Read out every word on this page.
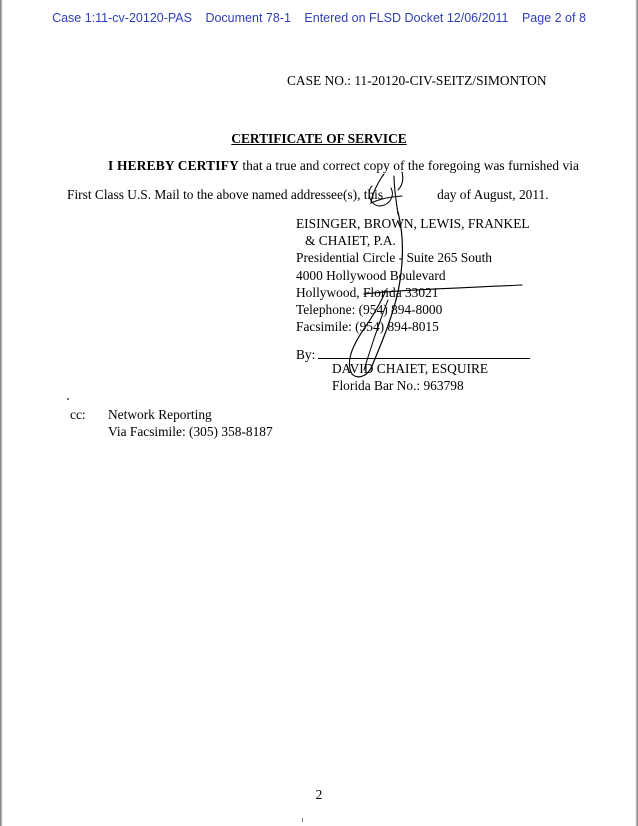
Case 1:11-cv-20120-PAS Document 78-1 Entered on FLSD Docket 12/06/2011 Page 2 of 8
CASE NO.: 11-20120-CIV-SEITZ/SIMONTON
CERTIFICATE OF SERVICE
I HEREBY CERTIFY that a true and correct copy of the foregoing was furnished via
First Class U.S. Mail to the above named addressee(s), this	day of August, 2011.
EISINGER, BROWN, LEWIS, FRANKEL
& CHAIET, P.A.
Presidential Circle - Suite 265 South
4000 Hollywood Boulevard
Hollywood, Florida 33021
Telephone: (954) 894-8000
Facsimile: (954) 894-8015
By:
DAVID CHAIET, ESQUIRE
Florida Bar No.: 963798
cc: Network Reporting
Via Facsimile: (305) 358-8187
2
